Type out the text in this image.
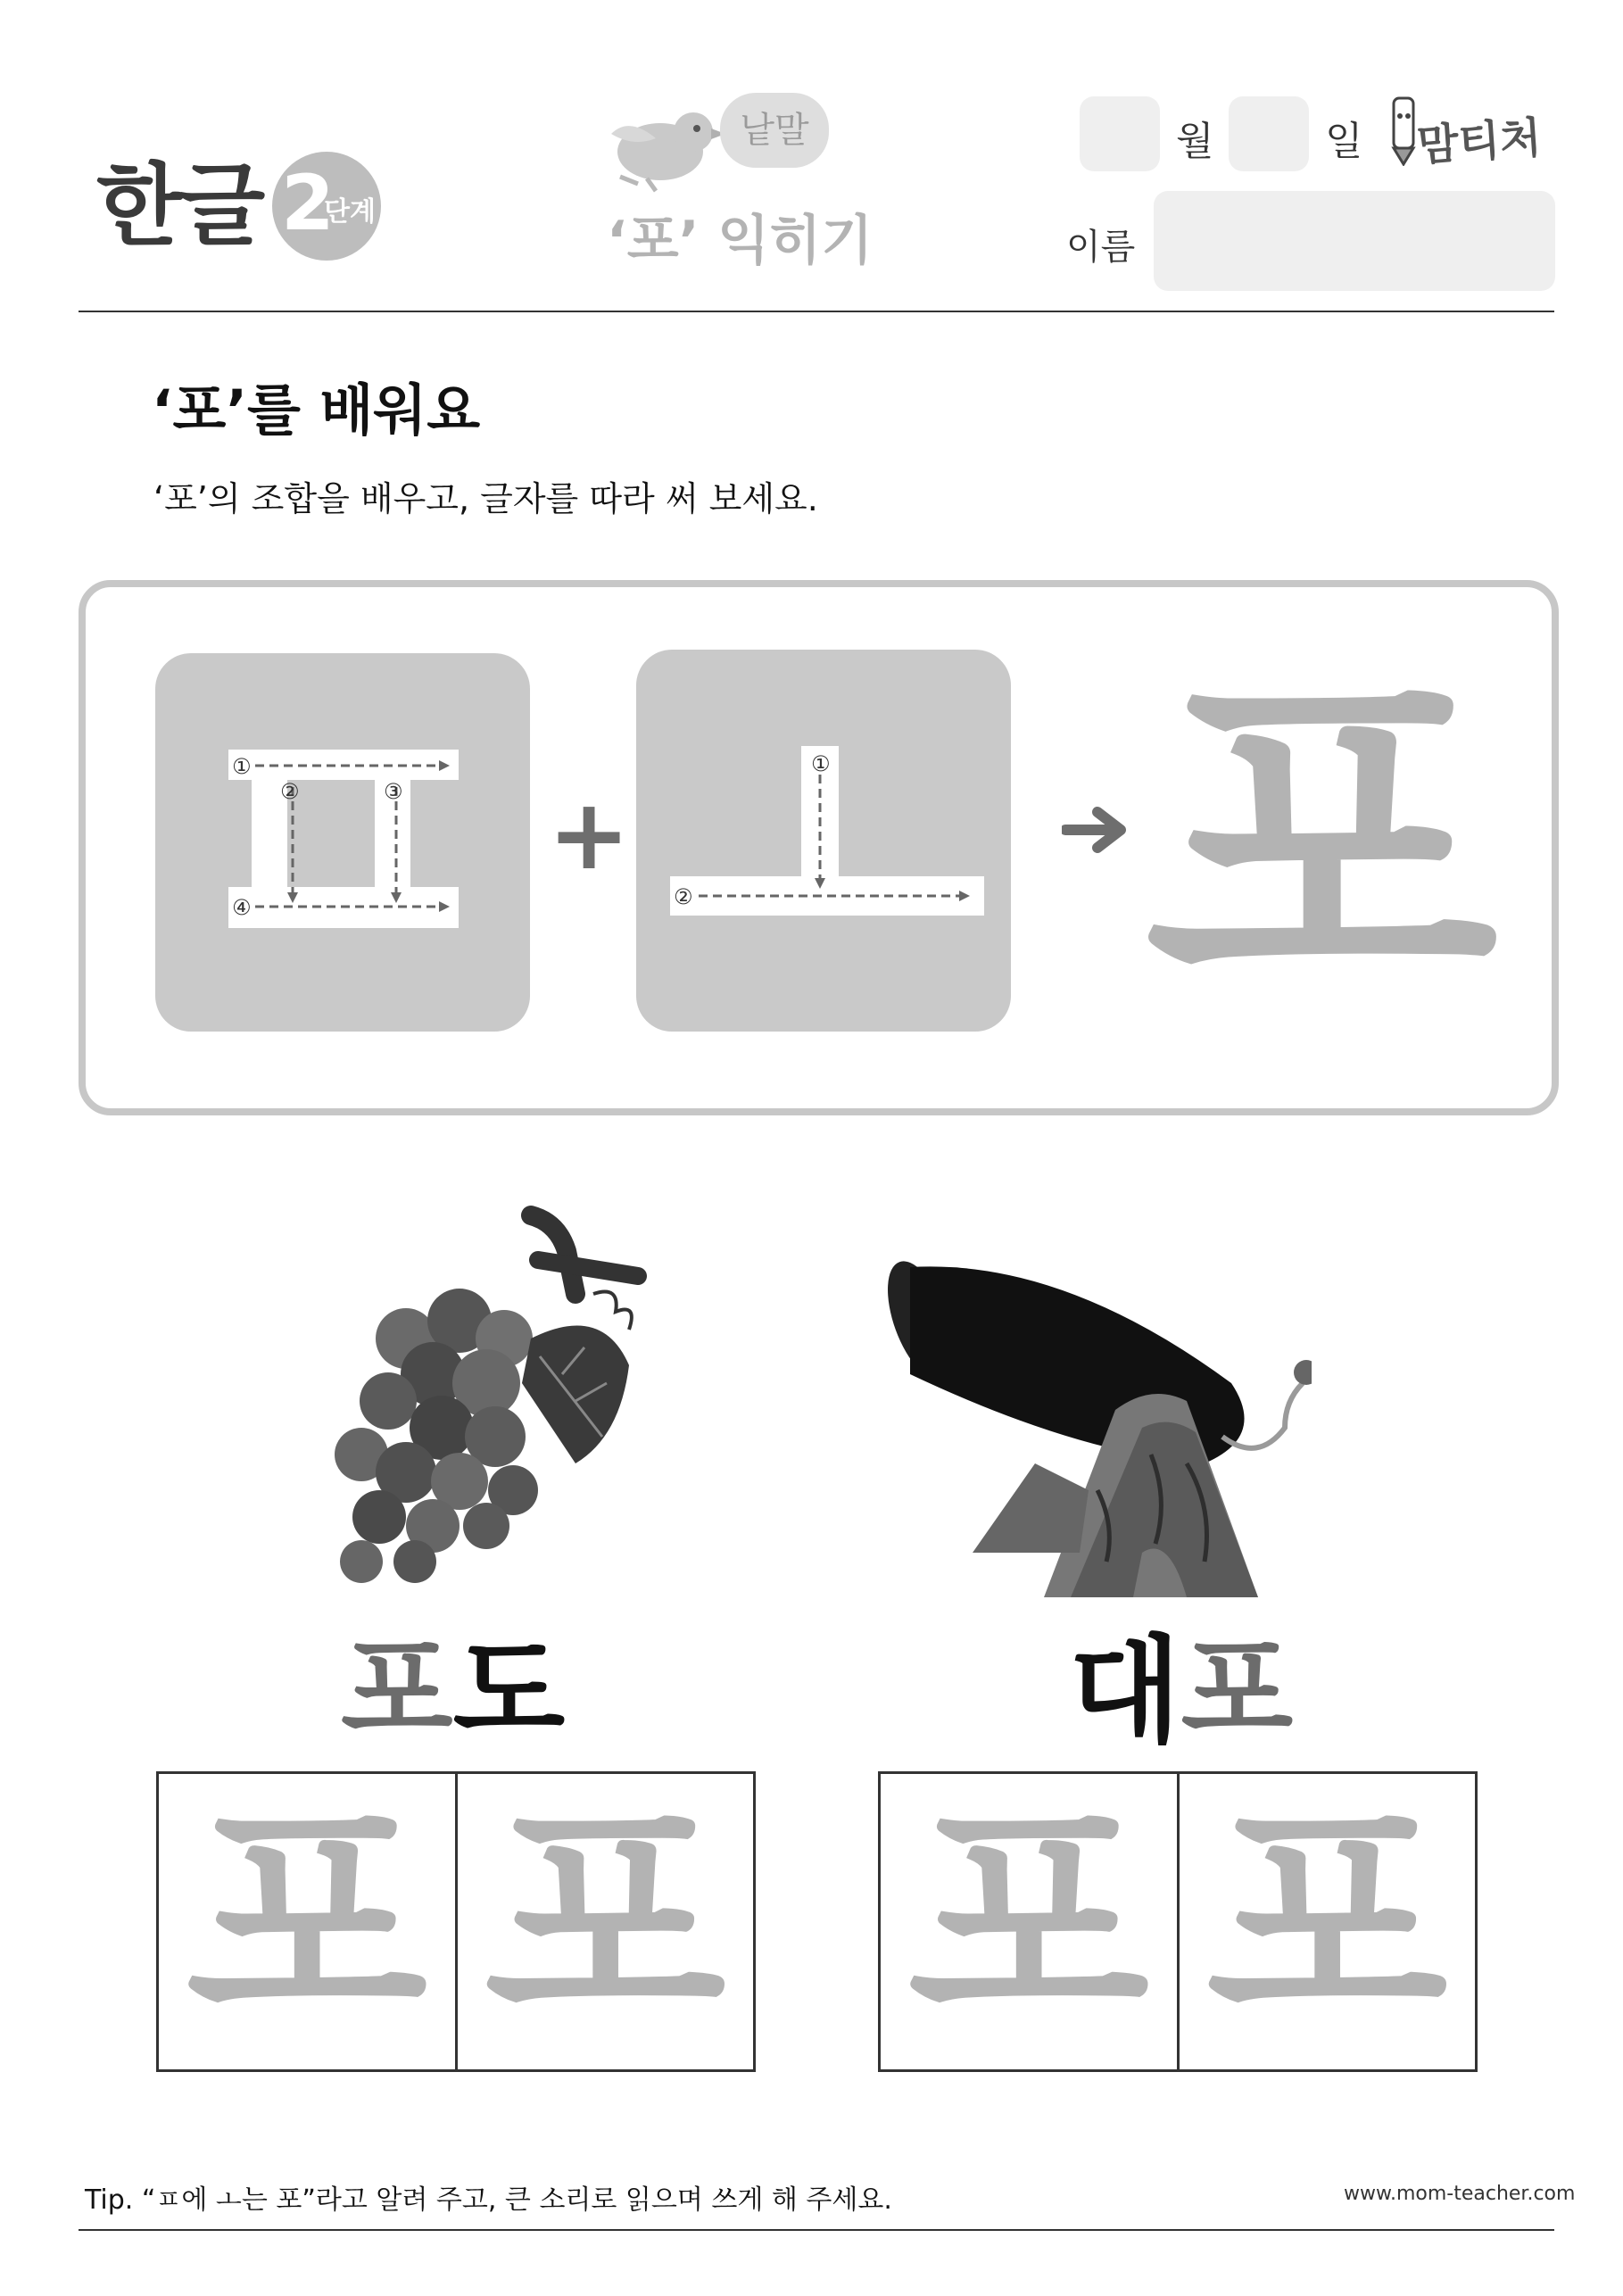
한글 2
단계
낱말
‘포’ 익히기
월	일 맘티처
이름
‘포’를 배워요
‘포’의 조합을 배우고, 글자를 따라 써 보세요.
①
②	③
④
+
①
② 포
포도	대포
포 포 포 포
Tip. “ㅍ에 ㅗ는 포”라고 알려 주고, 큰 소리로 읽으며 쓰게 해 주세요.	www.mom-teacher.com
